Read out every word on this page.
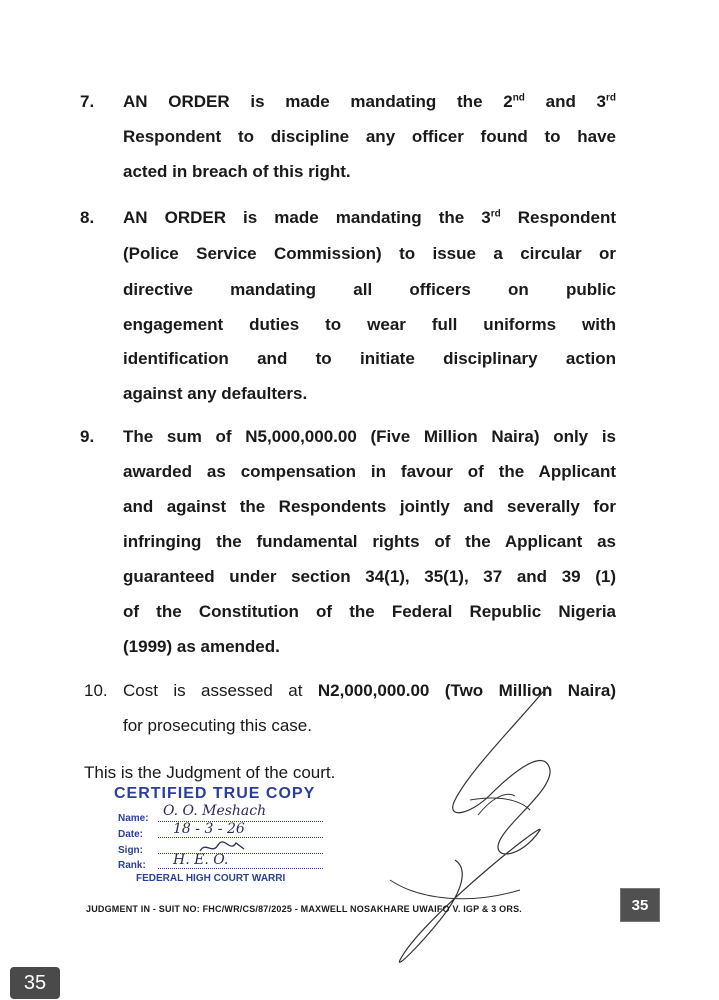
7. AN ORDER is made mandating the 2nd and 3rd
Respondent to discipline any officer found to have
acted in breach of this right.
8. AN ORDER is made mandating the 3rd Respondent
(Police Service Commission) to issue a circular or
directive mandating all officers on public
engagement duties to wear full uniforms with
identification and to initiate disciplinary action
against any defaulters.
9. The sum of N5,000,000.00 (Five Million Naira) only is
awarded as compensation in favour of the Applicant
and against the Respondents jointly and severally for
infringing the fundamental rights of the Applicant as
guaranteed under section 34(1), 35(1), 37 and 39 (1)
of the Constitution of the Federal Republic Nigeria
(1999) as amended.
10. Cost is assessed at N2,000,000.00 (Two Million Naira)
for prosecuting this case.
This is the Judgment of the court.
CERTIFIED TRUE COPY
Name: O. O. Meshach
Date: 18 - 3 - 26
Sign:
Rank: H. E. O.
FEDERAL HIGH COURT WARRI
JUDGMENT IN - SUIT NO: FHC/WR/CS/87/2025 - MAXWELL NOSAKHARE UWAIFO V. IGP & 3 ORS.	35
35
